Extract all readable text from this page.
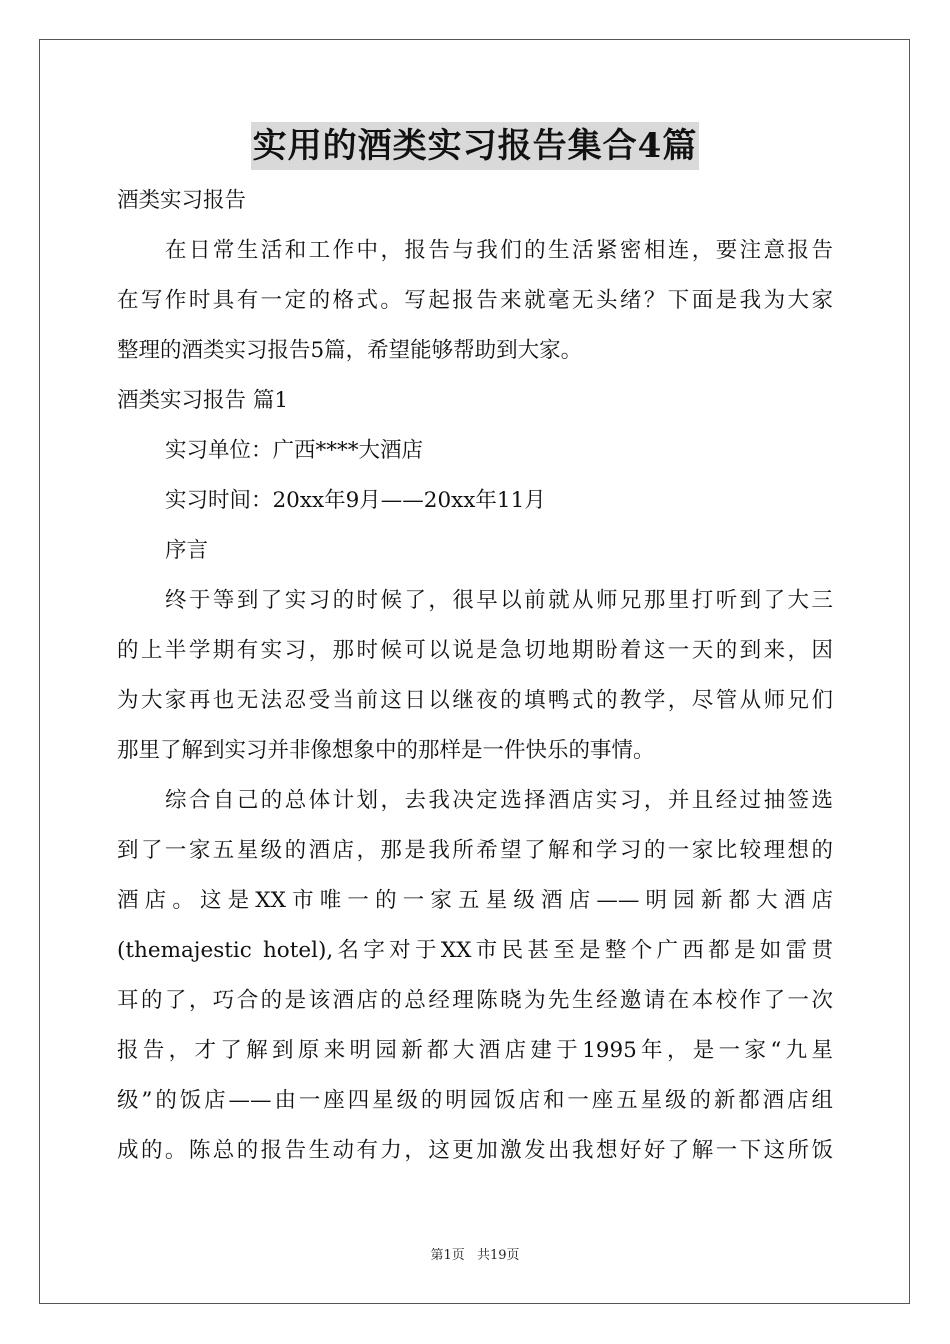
实用的酒类实习报告集合4篇
酒类实习报告
在日常生活和工作中，报告与我们的生活紧密相连，要注意报告
在写作时具有一定的格式。写起报告来就毫无头绪？下面是我为大家
整理的酒类实习报告5篇，希望能够帮助到大家。
酒类实习报告 篇1
实习单位：广西****大酒店
实习时间：20xx年9月——20xx年11月
序言
终于等到了实习的时候了，很早以前就从师兄那里打听到了大三
的上半学期有实习，那时候可以说是急切地期盼着这一天的到来，因
为大家再也无法忍受当前这日以继夜的填鸭式的教学，尽管从师兄们
那里了解到实习并非像想象中的那样是一件快乐的事情。
综合自己的总体计划，去我决定选择酒店实习，并且经过抽签选
到了一家五星级的酒店，那是我所希望了解和学习的一家比较理想的
酒店。这是XX市唯一的一家五星级酒店——明园新都大酒店
(themajestic hotel),名字对于XX市民甚至是整个广西都是如雷贯
耳的了，巧合的是该酒店的总经理陈晓为先生经邀请在本校作了一次
报告，才了解到原来明园新都大酒店建于1995年，是一家“九星
级”的饭店——由一座四星级的明园饭店和一座五星级的新都酒店组
成的。陈总的报告生动有力，这更加激发出我想好好了解一下这所饭
第1页 共19页
